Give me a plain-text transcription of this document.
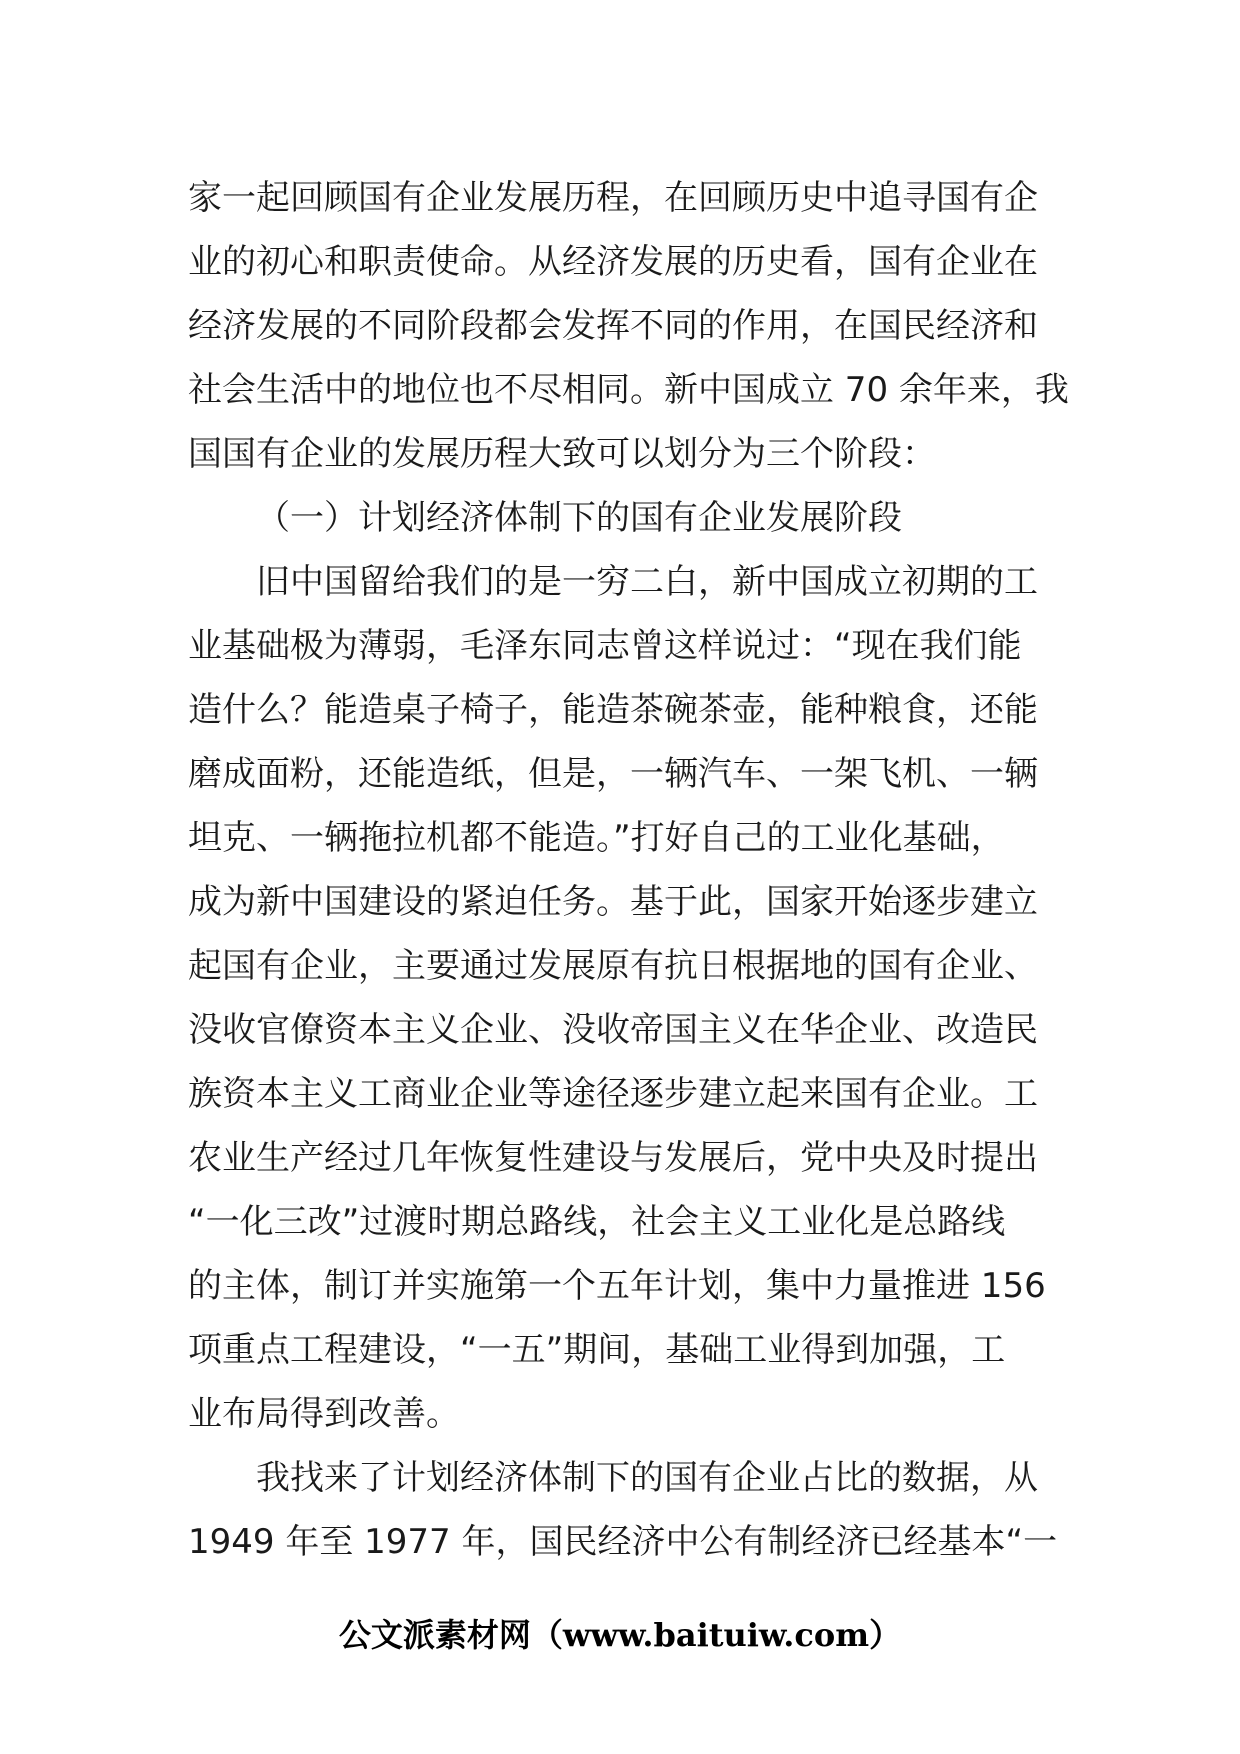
家一起回顾国有企业发展历程，在回顾历史中追寻国有企
业的初心和职责使命。从经济发展的历史看，国有企业在
经济发展的不同阶段都会发挥不同的作用，在国民经济和
社会生活中的地位也不尽相同。新中国成立 70 余年来，我
国国有企业的发展历程大致可以划分为三个阶段：
（一）计划经济体制下的国有企业发展阶段
旧中国留给我们的是一穷二白，新中国成立初期的工
业基础极为薄弱，毛泽东同志曾这样说过：“现在我们能
造什么？能造桌子椅子，能造茶碗茶壶，能种粮食，还能
磨成面粉，还能造纸，但是，一辆汽车、一架飞机、一辆
坦克、一辆拖拉机都不能造。”打好自己的工业化基础，
成为新中国建设的紧迫任务。基于此，国家开始逐步建立
起国有企业，主要通过发展原有抗日根据地的国有企业、
没收官僚资本主义企业、没收帝国主义在华企业、改造民
族资本主义工商业企业等途径逐步建立起来国有企业。工
农业生产经过几年恢复性建设与发展后，党中央及时提出
“一化三改”过渡时期总路线，社会主义工业化是总路线
的主体，制订并实施第一个五年计划，集中力量推进 156
项重点工程建设，“一五”期间，基础工业得到加强，工
业布局得到改善。
我找来了计划经济体制下的国有企业占比的数据，从
1949 年至 1977 年，国民经济中公有制经济已经基本“一
公文派素材网（www.baituiw.com）
